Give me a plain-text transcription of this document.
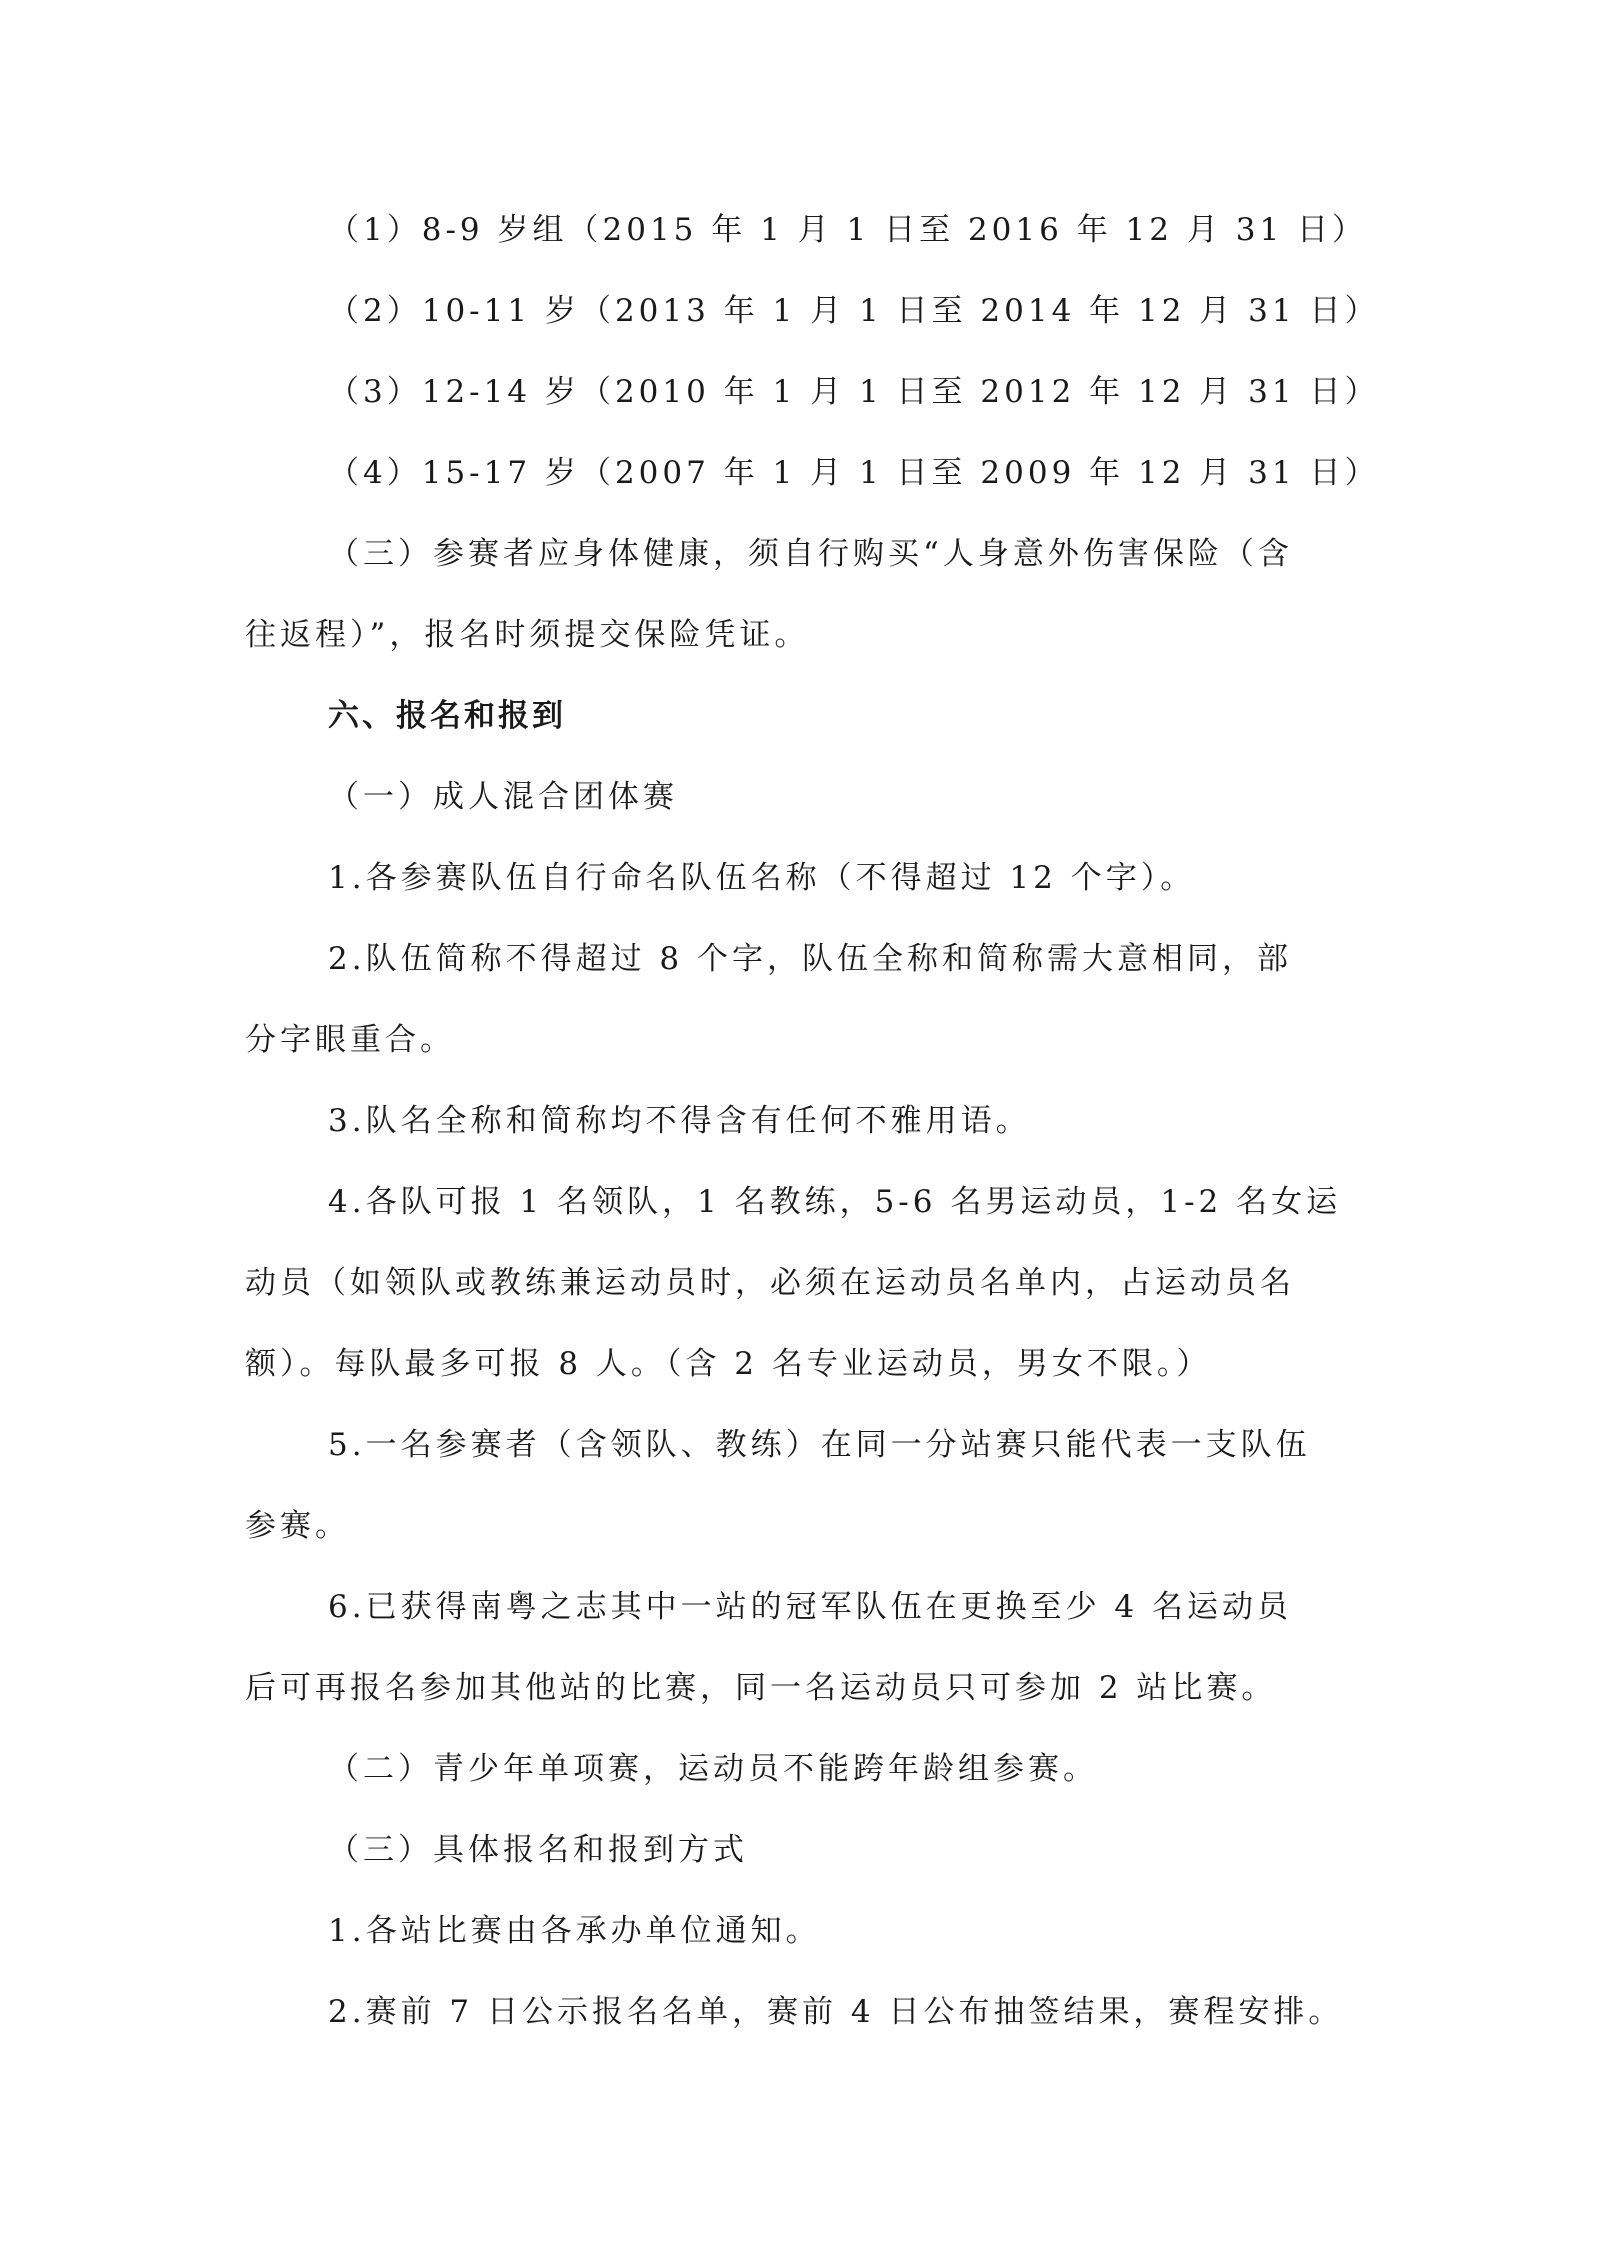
（1）8-9 岁组（2015 年 1 月 1 日至 2016 年 12 月 31 日）

（2）10-11 岁（2013 年 1 月 1 日至 2014 年 12 月 31 日）

（3）12-14 岁（2010 年 1 月 1 日至 2012 年 12 月 31 日）

（4）15-17 岁（2007 年 1 月 1 日至 2009 年 12 月 31 日）

（三）参赛者应身体健康，须自行购买“人身意外伤害保险（含
往返程）”，报名时须提交保险凭证。

六、报名和报到

（一）成人混合团体赛

1.各参赛队伍自行命名队伍名称（不得超过 12 个字）。

2.队伍简称不得超过 8 个字，队伍全称和简称需大意相同，部
分字眼重合。

3.队名全称和简称均不得含有任何不雅用语。

4.各队可报 1 名领队，1 名教练，5-6 名男运动员，1-2 名女运
动员（如领队或教练兼运动员时，必须在运动员名单内，占运动员名
额）。每队最多可报 8 人。（含 2 名专业运动员，男女不限。）

5.一名参赛者（含领队、教练）在同一分站赛只能代表一支队伍
参赛。

6.已获得南粤之志其中一站的冠军队伍在更换至少 4 名运动员
后可再报名参加其他站的比赛，同一名运动员只可参加 2 站比赛。

（二）青少年单项赛，运动员不能跨年龄组参赛。

（三）具体报名和报到方式

1.各站比赛由各承办单位通知。

2.赛前 7 日公示报名名单，赛前 4 日公布抽签结果，赛程安排。
